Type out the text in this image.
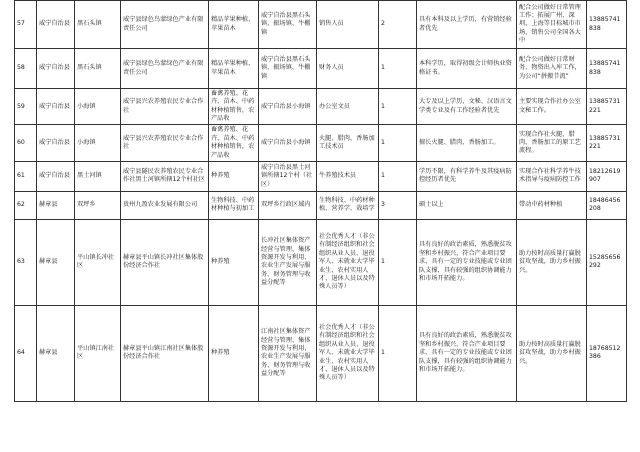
57	威宁自治县	黑石头镇	威宁县绿色鸟蒙绿色产业有限责任公司	精品苹果种植、苹果苗木	威宁自治县黑石头镇、振场镇、牛棚镇	销售人员	2	具有本科及以上学历，有营销经验者优先	配合公司做好日常管理工作；拓展广州、深圳、上海等目标城市市场，销售公司全国各大中	13885741838
58	威宁自治县	黑石头镇	威宁县绿色鸟蒙绿色产业有限责任公司	精品苹果种植、苹果苗木	威宁自治县黑石头镇、振场镇、牛棚镇	财务人员	1	本科学历，取得初级会计师执业资格证书。	配合公司做好日常财务、物资出入库工作，为公司“拼搬节流”	13885741838
59	威宁自治县	小海镇	威宁县兴农养殖农民专业合作社	畜禽养殖、花卉、苗木、中药材种植销售，农产品收	威宁自治县小海镇	办公室文员	1	大专及以上学历，文秘、汉语言文学类专业及有工作经验者优先	主要实现合作社办公室文秘工作。	13885731221
60	威宁自治县	小海镇	威宁县兴农养殖农民专业合作社	畜禽养殖、花卉、苗木、中药材种植销售，农产品收	威宁自治县小海镇	火腿、腊肉、香肠加工技术员	1	擅长火腿、腊肉、香肠加工。	实现合作社火腿、腊肉、香肠加工的原工艺流程。	13885731221
61	威宁自治县	黑土河镇	威宁县隧民农养殖农民专业合作社黑土河镇所辖12个村社区	种养殖	威宁自治县黑土河镇所辖12个村（社区）	牛养殖技术员	1	学历不限，有科学养牛及其疫病防控经历者优先	实现合作社科学养牛技术指导与疫病防控工作	18212619907
62	赫章县	双坪乡	贵州九盈农业发展有限公司	生物科技、中药材种植与初加工	双坪乡行政区域内	生物科技、中药材种植、营养学、栽培学	3	硕士以上	带动中药材种植	18486456208
63	赫章县	平山镇长冲社区	赫章县平山镇长冲社区集体股份经济合作社	种养殖	长冲社区集体资产经营与管理、集体资源开发与利用、农业生产发展与服务、财务管理与收益分配等	社会优秀人才（非公有制经济组织和社会组织从业人员、退役军人、未就业大学毕业生、农村实用人才、退休人员以及特殊人员等）	1	具有良好的政治素质，熟悉脱贫攻坚和乡村振兴，符合产业项目要求，具有一定的专业技能或专业团队支撑，具有较强的组织协调能力和市场开拓能力。	助力按时高质量打赢脱贫攻坚战，助力乡村振兴。	15285656292
64	赫章县	平山镇江南社区	赫章县平山镇江南社区集体股份经济合作社	种养殖	江南社区集体资产经营与管理、集体资源开发与利用、农业生产发展与服务、财务管理与收益分配等	社会优秀人才（非公有制经济组织和社会组织从业人员、退役军人、未就业大学毕业生、农村实用人才、退休人员以及特殊人员等）	1	具有良好的政治素质，熟悉脱贫攻坚和乡村振兴，符合产业项目要求，具有一定的专业技能或专业团队支撑，具有较强的组织协调能力和市场开拓能力。	助力按时高质量打赢脱贫攻坚战，助力乡村振兴。	18768512386
